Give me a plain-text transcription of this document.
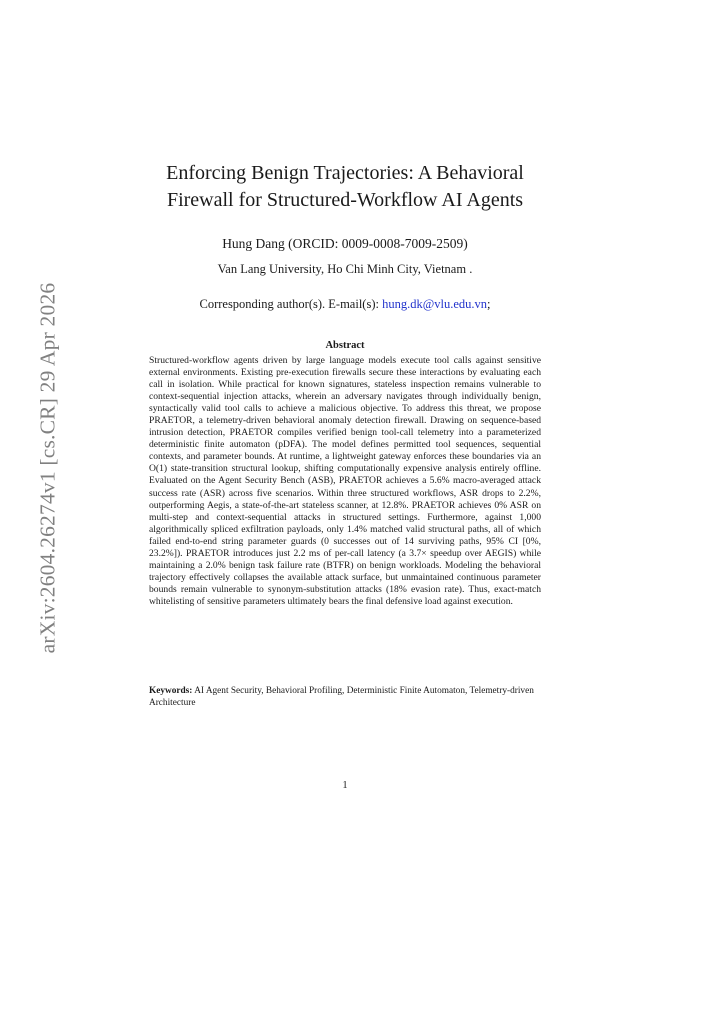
arXiv:2604.26274v1 [cs.CR] 29 Apr 2026
Enforcing Benign Trajectories: A Behavioral
Firewall for Structured-Workflow AI Agents
Hung Dang (ORCID: 0009-0008-7009-2509)
Van Lang University, Ho Chi Minh City, Vietnam .
Corresponding author(s). E-mail(s): hung.dk@vlu.edu.vn;
Abstract
Structured-workflow agents driven by large language models execute tool calls against sensitive external environments. Existing pre-execution firewalls secure these interactions by evaluating each call in isolation. While practical for known signatures, stateless inspection remains vulnerable to context-sequential injection attacks, wherein an adversary navigates through individually benign, syntactically valid tool calls to achieve a malicious objective. To address this threat, we propose PRAETOR, a telemetry-driven behavioral anomaly detection firewall. Drawing on sequence-based intrusion detection, PRAETOR compiles verified benign tool-call telemetry into a parameterized deterministic finite automaton (pDFA). The model defines permitted tool sequences, sequential contexts, and parameter bounds. At runtime, a lightweight gateway enforces these boundaries via an O(1) state-transition structural lookup, shifting computationally expensive analysis entirely offline. Evaluated on the Agent Security Bench (ASB), PRAETOR achieves a 5.6% macro-averaged attack success rate (ASR) across five scenarios. Within three structured workflows, ASR drops to 2.2%, outperforming Aegis, a state-of-the-art stateless scanner, at 12.8%. PRAETOR achieves 0% ASR on multi-step and context-sequential attacks in structured settings. Furthermore, against 1,000 algorithmically spliced exfiltration payloads, only 1.4% matched valid structural paths, all of which failed end-to-end string parameter guards (0 successes out of 14 surviving paths, 95% CI [0%, 23.2%]). PRAETOR introduces just 2.2 ms of per-call latency (a 3.7× speedup over AEGIS) while maintaining a 2.0% benign task failure rate (BTFR) on benign workloads. Modeling the behavioral trajectory effectively collapses the available attack surface, but unmaintained continuous parameter bounds remain vulnerable to synonym-substitution attacks (18% evasion rate). Thus, exact-match whitelisting of sensitive parameters ultimately bears the final defensive load against execution.
Keywords: AI Agent Security, Behavioral Profiling, Deterministic Finite Automaton, Telemetry-driven Architecture
1
